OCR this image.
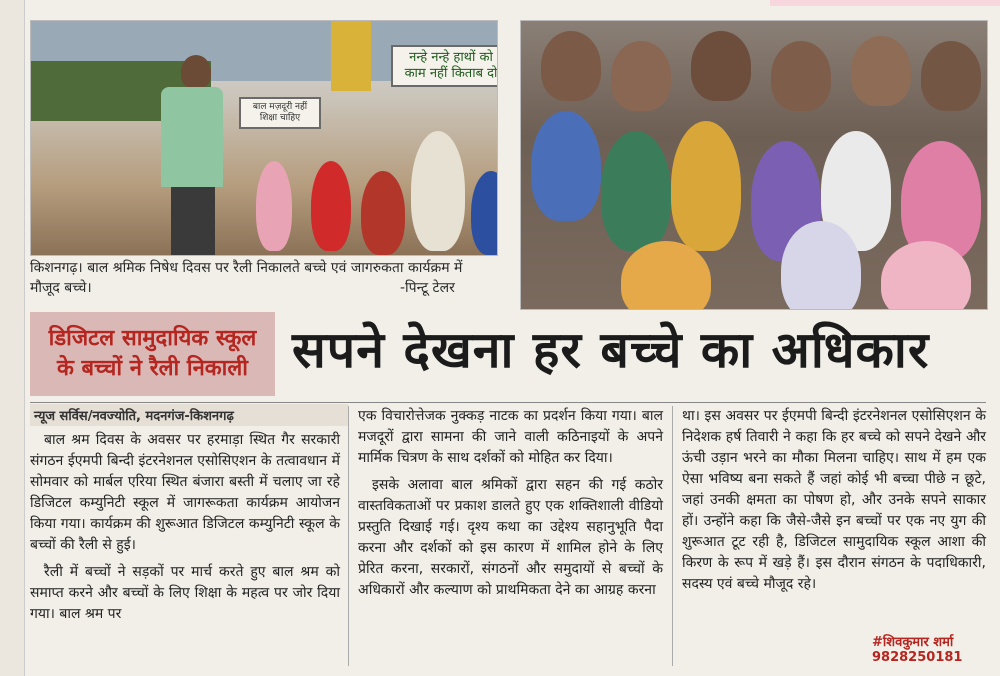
नन्हे नन्हे हाथों को काम नहीं किताब दो
बाल मज़दूरी नहीं शिक्षा चाहिए
किशनगढ़। बाल श्रमिक निषेध दिवस पर रैली निकालते बच्चे एवं जागरुकता कार्यक्रम में मौजूद बच्चे।	-पिन्टू टेलर
डिजिटल सामुदायिक स्कूल
के बच्चों ने रैली निकाली सपने देखना हर बच्चे का अधिकार
न्यूज सर्विस/नवज्योति, मदनगंज-किशनगढ़

बाल श्रम दिवस के अवसर पर हरमाड़ा स्थित गैर सरकारी संगठन ईएमपी बिन्दी इंटरनेशनल एसोसिएशन के तत्वावधान में सोमवार को मार्बल एरिया स्थित बंजारा बस्ती में चलाए जा रहे डिजिटल कम्युनिटी स्कूल में जागरूकता कार्यक्रम आयोजन किया गया। कार्यक्रम की शुरूआत डिजिटल कम्युनिटी स्कूल के बच्चों की रैली से हुई।

रैली में बच्चों ने सड़कों पर मार्च करते हुए बाल श्रम को समाप्त करने और बच्चों के लिए शिक्षा के महत्व पर जोर दिया गया। बाल श्रम पर

एक विचारोत्तेजक नुक्कड़ नाटक का प्रदर्शन किया गया। बाल मजदूरों द्वारा सामना की जाने वाली कठिनाइयों के अपने मार्मिक चित्रण के साथ दर्शकों को मोहित कर दिया।

इसके अलावा बाल श्रमिकों द्वारा सहन की गई कठोर वास्तविकताओं पर प्रकाश डालते हुए एक शक्तिशाली वीडियो प्रस्तुति दिखाई गई। दृश्य कथा का उद्देश्य सहानुभूति पैदा करना और दर्शकों को इस कारण में शामिल होने के लिए प्रेरित करना, सरकारों, संगठनों और समुदायों से बच्चों के अधिकारों और कल्याण को प्राथमिकता देने का आग्रह करना

था। इस अवसर पर ईएमपी बिन्दी इंटरनेशनल एसोसिएशन के निदेशक हर्ष तिवारी ने कहा कि हर बच्चे को सपने देखने और ऊंची उड़ान भरने का मौका मिलना चाहिए। साथ में हम एक ऐसा भविष्य बना सकते हैं जहां कोई भी बच्चा पीछे न छूटे, जहां उनकी क्षमता का पोषण हो, और उनके सपने साकार हों। उन्होंने कहा कि जैसे-जैसे इन बच्चों पर एक नए युग की शुरूआत टूट रही है, डिजिटल सामुदायिक स्कूल आशा की किरण के रूप में खड़े हैं। इस दौरान संगठन के पदाधिकारी, सदस्य एवं बच्चे मौजूद रहे।

#शिवकुमार शर्मा
9828250181
